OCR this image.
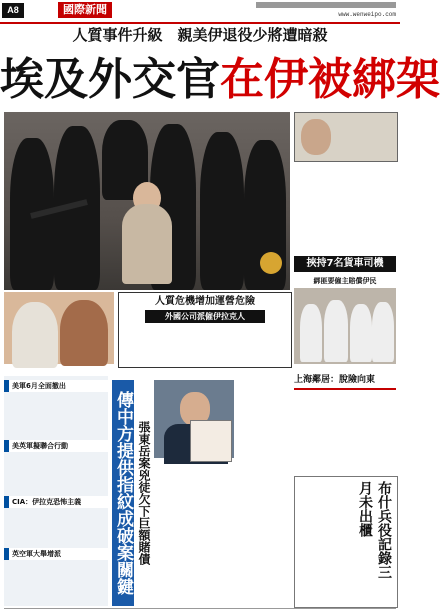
A8	國際新聞	www.wenweipo.com
人質事件升級　親美伊退役少將遭暗殺
埃及外交官在伊被綁架
挾持7名貨車司機
人質危機增加運營危險
外國公司派僱伊拉克人
綁匪要僱主賠償伊民
美軍6月全面撤出
美英軍擬聯合行動
CIA：伊拉克恐怖主義
英空軍大舉增派	傳中方提供指紋成破案關鍵 張東岳案兇徒欠下巨額賭債
上海鄰居：脫險向東
布什兵役記錄三月未出櫃
